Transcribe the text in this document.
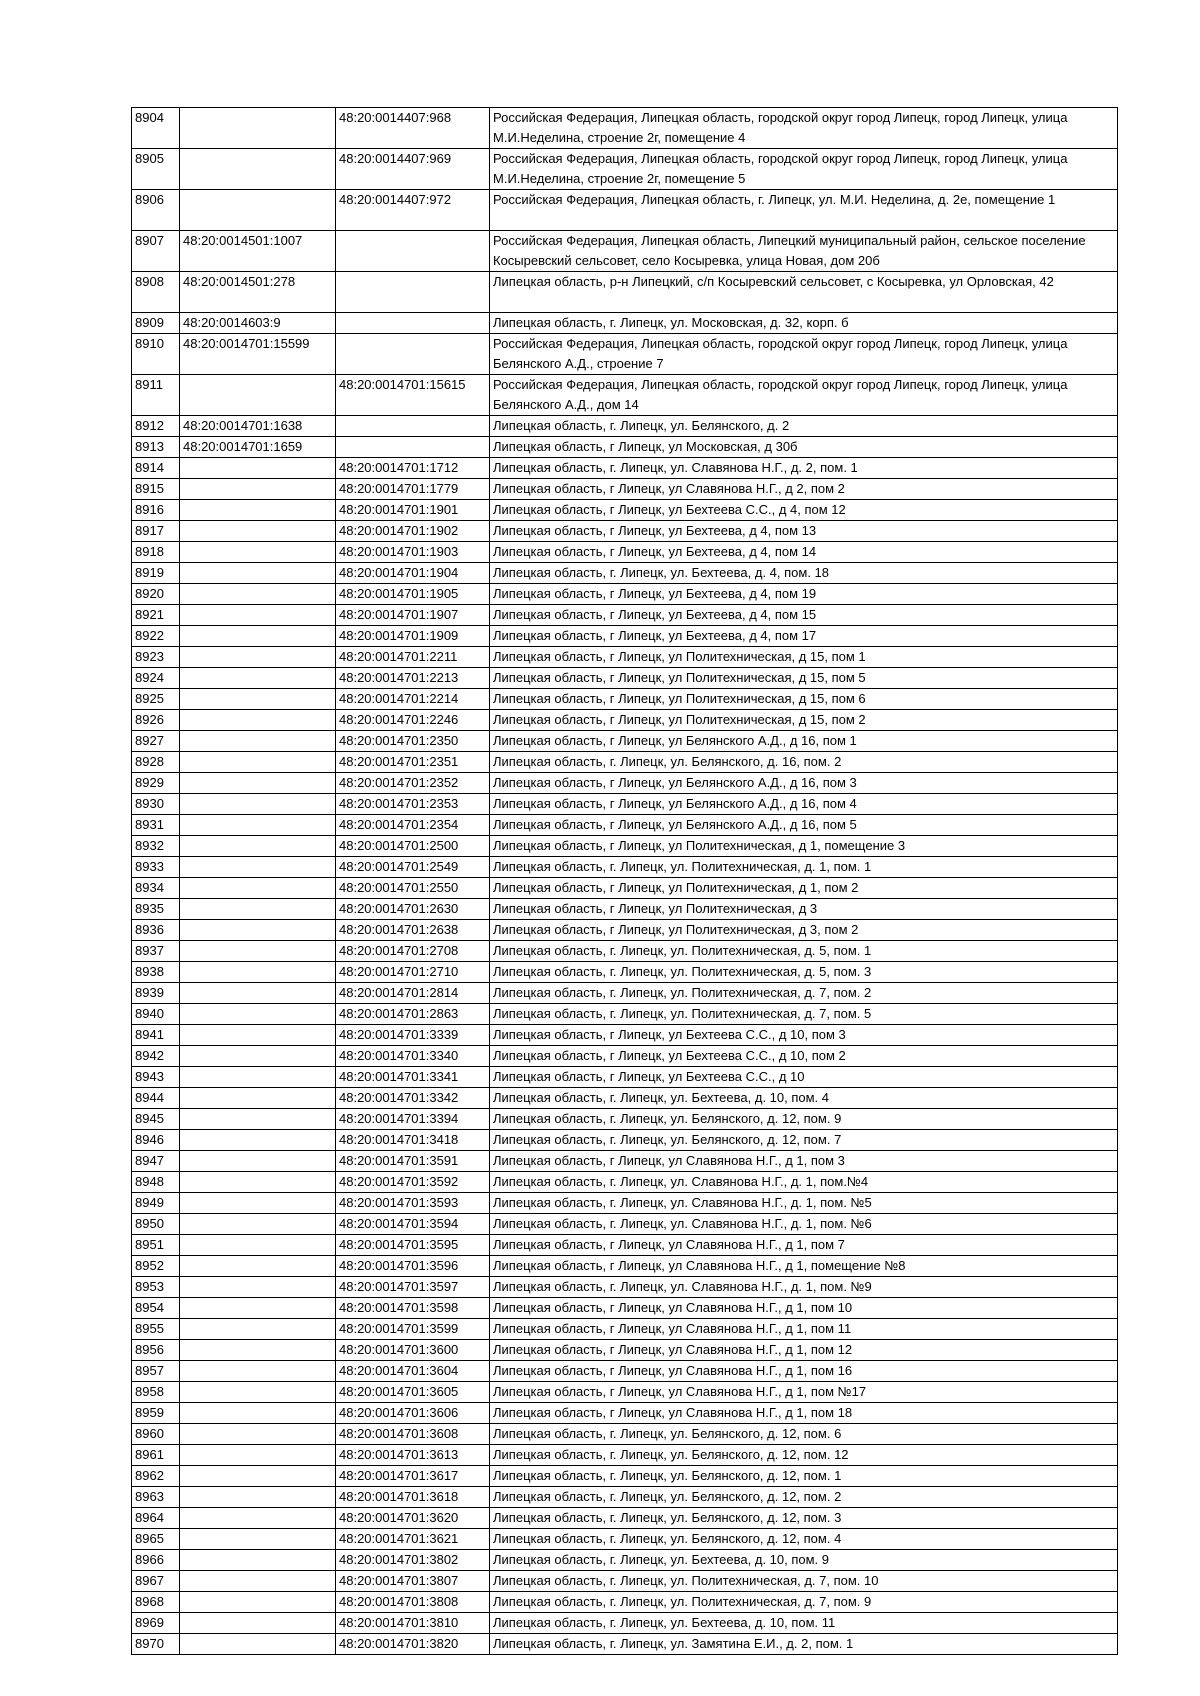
8904		48:20:0014407:968	Российская Федерация, Липецкая область, городской округ город Липецк, город Липецк, улица М.И.Неделина, строение 2г, помещение 4
8905		48:20:0014407:969	Российская Федерация, Липецкая область, городской округ город Липецк, город Липецк, улица М.И.Неделина, строение 2г, помещение 5
8906		48:20:0014407:972	Российская Федерация, Липецкая область, г. Липецк, ул. М.И. Неделина, д. 2е, помещение 1
8907	48:20:0014501:1007		Российская Федерация, Липецкая область, Липецкий муниципальный район, сельское поселение Косыревский сельсовет, село Косыревка, улица Новая, дом 20б
8908	48:20:0014501:278		Липецкая область, р-н Липецкий, с/п Косыревский сельсовет, с Косыревка, ул Орловская, 42
8909	48:20:0014603:9		Липецкая область, г. Липецк, ул. Московская, д. 32, корп. б
8910	48:20:0014701:15599		Российская Федерация, Липецкая область, городской округ город Липецк, город Липецк, улица Белянского А.Д., строение 7
8911		48:20:0014701:15615	Российская Федерация, Липецкая область, городской округ город Липецк, город Липецк, улица Белянского А.Д., дом 14
8912	48:20:0014701:1638		Липецкая область, г. Липецк, ул. Белянского, д. 2
8913	48:20:0014701:1659		Липецкая область, г Липецк, ул Московская, д 30б
8914		48:20:0014701:1712	Липецкая область, г. Липецк, ул. Славянова Н.Г., д. 2, пом. 1
8915		48:20:0014701:1779	Липецкая область, г Липецк, ул Славянова Н.Г., д 2, пом 2
8916		48:20:0014701:1901	Липецкая область, г Липецк, ул Бехтеева С.С., д 4, пом 12
8917		48:20:0014701:1902	Липецкая область, г Липецк, ул Бехтеева, д 4, пом 13
8918		48:20:0014701:1903	Липецкая область, г Липецк, ул Бехтеева, д 4, пом 14
8919		48:20:0014701:1904	Липецкая область, г. Липецк, ул. Бехтеева, д. 4, пом. 18
8920		48:20:0014701:1905	Липецкая область, г Липецк, ул Бехтеева, д 4, пом 19
8921		48:20:0014701:1907	Липецкая область, г Липецк, ул Бехтеева, д 4, пом 15
8922		48:20:0014701:1909	Липецкая область, г Липецк, ул Бехтеева, д 4, пом 17
8923		48:20:0014701:2211	Липецкая область, г Липецк, ул Политехническая, д 15, пом 1
8924		48:20:0014701:2213	Липецкая область, г Липецк, ул Политехническая, д 15, пом 5
8925		48:20:0014701:2214	Липецкая область, г Липецк, ул Политехническая, д 15, пом 6
8926		48:20:0014701:2246	Липецкая область, г Липецк, ул Политехническая, д 15, пом 2
8927		48:20:0014701:2350	Липецкая область, г Липецк, ул Белянского А.Д., д 16, пом 1
8928		48:20:0014701:2351	Липецкая область, г. Липецк, ул. Белянского, д. 16, пом. 2
8929		48:20:0014701:2352	Липецкая область, г Липецк, ул Белянского А.Д., д 16, пом 3
8930		48:20:0014701:2353	Липецкая область, г Липецк, ул Белянского А.Д., д 16, пом 4
8931		48:20:0014701:2354	Липецкая область, г Липецк, ул Белянского А.Д., д 16, пом 5
8932		48:20:0014701:2500	Липецкая область, г Липецк, ул Политехническая, д 1, помещение 3
8933		48:20:0014701:2549	Липецкая область, г. Липецк, ул. Политехническая, д. 1, пом. 1
8934		48:20:0014701:2550	Липецкая область, г Липецк, ул Политехническая, д 1, пом 2
8935		48:20:0014701:2630	Липецкая область, г Липецк, ул Политехническая, д 3
8936		48:20:0014701:2638	Липецкая область, г Липецк, ул Политехническая, д 3, пом 2
8937		48:20:0014701:2708	Липецкая область, г. Липецк, ул. Политехническая, д. 5, пом. 1
8938		48:20:0014701:2710	Липецкая область, г. Липецк, ул. Политехническая, д. 5, пом. 3
8939		48:20:0014701:2814	Липецкая область, г. Липецк, ул. Политехническая, д. 7, пом. 2
8940		48:20:0014701:2863	Липецкая область, г. Липецк, ул. Политехническая, д. 7, пом. 5
8941		48:20:0014701:3339	Липецкая область, г Липецк, ул Бехтеева С.С., д 10, пом 3
8942		48:20:0014701:3340	Липецкая область, г Липецк, ул Бехтеева С.С., д 10, пом 2
8943		48:20:0014701:3341	Липецкая область, г Липецк, ул Бехтеева С.С., д 10
8944		48:20:0014701:3342	Липецкая область, г. Липецк, ул. Бехтеева, д. 10, пом. 4
8945		48:20:0014701:3394	Липецкая область, г. Липецк, ул. Белянского, д. 12, пом. 9
8946		48:20:0014701:3418	Липецкая область, г. Липецк, ул. Белянского, д. 12, пом. 7
8947		48:20:0014701:3591	Липецкая область, г Липецк, ул Славянова Н.Г., д 1, пом 3
8948		48:20:0014701:3592	Липецкая область, г. Липецк, ул. Славянова Н.Г., д. 1, пом.№4
8949		48:20:0014701:3593	Липецкая область, г. Липецк, ул. Славянова Н.Г., д. 1, пом. №5
8950		48:20:0014701:3594	Липецкая область, г. Липецк, ул. Славянова Н.Г., д. 1, пом. №6
8951		48:20:0014701:3595	Липецкая область, г Липецк, ул Славянова Н.Г., д 1, пом 7
8952		48:20:0014701:3596	Липецкая область, г Липецк, ул Славянова Н.Г., д 1, помещение №8
8953		48:20:0014701:3597	Липецкая область, г. Липецк, ул. Славянова Н.Г., д. 1, пом. №9
8954		48:20:0014701:3598	Липецкая область, г Липецк, ул Славянова Н.Г., д 1, пом 10
8955		48:20:0014701:3599	Липецкая область, г Липецк, ул Славянова Н.Г., д 1, пом 11
8956		48:20:0014701:3600	Липецкая область, г Липецк, ул Славянова Н.Г., д 1, пом 12
8957		48:20:0014701:3604	Липецкая область, г Липецк, ул Славянова Н.Г., д 1, пом 16
8958		48:20:0014701:3605	Липецкая область, г Липецк, ул Славянова Н.Г., д 1, пом №17
8959		48:20:0014701:3606	Липецкая область, г Липецк, ул Славянова Н.Г., д 1, пом 18
8960		48:20:0014701:3608	Липецкая область, г. Липецк, ул. Белянского, д. 12, пом. 6
8961		48:20:0014701:3613	Липецкая область, г. Липецк, ул. Белянского, д. 12, пом. 12
8962		48:20:0014701:3617	Липецкая область, г. Липецк, ул. Белянского, д. 12, пом. 1
8963		48:20:0014701:3618	Липецкая область, г. Липецк, ул. Белянского, д. 12, пом. 2
8964		48:20:0014701:3620	Липецкая область, г. Липецк, ул. Белянского, д. 12, пом. 3
8965		48:20:0014701:3621	Липецкая область, г. Липецк, ул. Белянского, д. 12, пом. 4
8966		48:20:0014701:3802	Липецкая область, г. Липецк, ул. Бехтеева, д. 10, пом. 9
8967		48:20:0014701:3807	Липецкая область, г. Липецк, ул. Политехническая, д. 7, пом. 10
8968		48:20:0014701:3808	Липецкая область, г. Липецк, ул. Политехническая, д. 7, пом. 9
8969		48:20:0014701:3810	Липецкая область, г. Липецк, ул. Бехтеева, д. 10, пом. 11
8970		48:20:0014701:3820	Липецкая область, г. Липецк, ул. Замятина Е.И., д. 2, пом. 1
